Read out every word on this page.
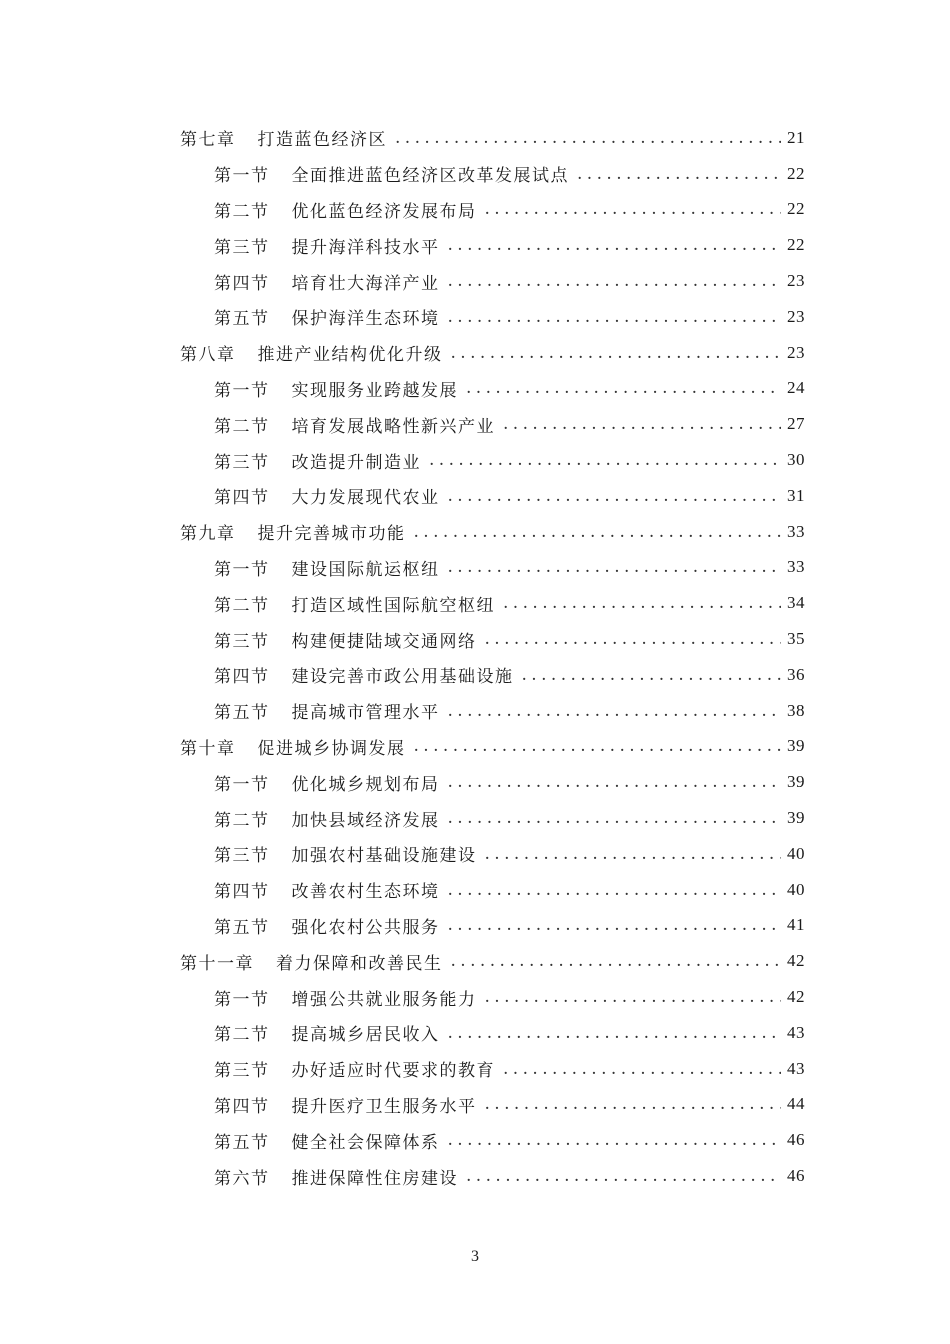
第七章 打造蓝色经济区 . . .	21
第一节 全面推进蓝色经济区改革发展试点 . . .	22
第二节 优化蓝色经济发展布局 . . .	22
第三节 提升海洋科技水平 . . .	22
第四节 培育壮大海洋产业 . . .	23
第五节 保护海洋生态环境 . . .	23
第八章 推进产业结构优化升级 . . .	23
第一节 实现服务业跨越发展 . . .	24
第二节 培育发展战略性新兴产业 . . .	27
第三节 改造提升制造业 . . .	30
第四节 大力发展现代农业 . . .	31
第九章 提升完善城市功能 . . .	33
第一节 建设国际航运枢纽 . . .	33
第二节 打造区域性国际航空枢纽 . . .	34
第三节 构建便捷陆域交通网络 . . .	35
第四节 建设完善市政公用基础设施 . . .	36
第五节 提高城市管理水平 . . .	38
第十章 促进城乡协调发展 . . .	39
第一节 优化城乡规划布局 . . .	39
第二节 加快县域经济发展 . . .	39
第三节 加强农村基础设施建设 . . .	40
第四节 改善农村生态环境 . . .	40
第五节 强化农村公共服务 . . .	41
第十一章 着力保障和改善民生 . . .	42
第一节 增强公共就业服务能力 . . .	42
第二节 提高城乡居民收入 . . .	43
第三节 办好适应时代要求的教育 . . .	43
第四节 提升医疗卫生服务水平 . . .	44
第五节 健全社会保障体系 . . .	46
第六节 推进保障性住房建设 . . .	46
3
